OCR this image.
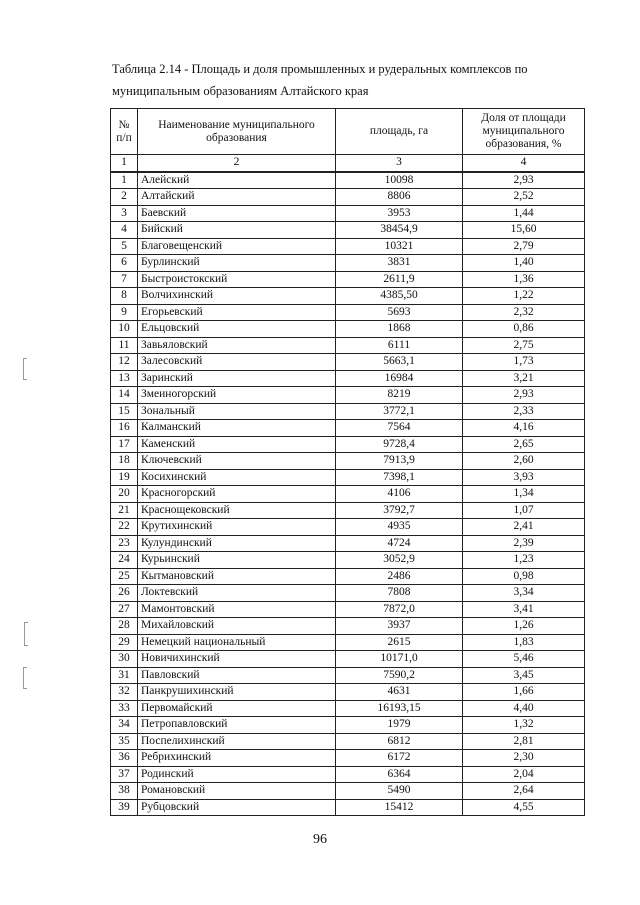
Таблица 2.14 - Площадь и доля промышленных и рудеральных комплексов по
муниципальным образованиям Алтайского края
№ п/п	Наименование муниципального образования	площадь, га	Доля от площади муниципального образования, %
1	2	3	4
1	Алейский	10098	2,93
2	Алтайский	8806	2,52
3	Баевский	3953	1,44
4	Бийский	38454,9	15,60
5	Благовещенский	10321	2,79
6	Бурлинский	3831	1,40
7	Быстроистокский	2611,9	1,36
8	Волчихинский	4385,50	1,22
9	Егорьевский	5693	2,32
10	Ельцовский	1868	0,86
11	Завьяловский	6111	2,75
12	Залесовский	5663,1	1,73
13	Заринский	16984	3,21
14	Змеиногорский	8219	2,93
15	Зональный	3772,1	2,33
16	Калманский	7564	4,16
17	Каменский	9728,4	2,65
18	Ключевский	7913,9	2,60
19	Косихинский	7398,1	3,93
20	Красногорский	4106	1,34
21	Краснощековский	3792,7	1,07
22	Крутихинский	4935	2,41
23	Кулундинский	4724	2,39
24	Курьинский	3052,9	1,23
25	Кытмановский	2486	0,98
26	Локтевский	7808	3,34
27	Мамонтовский	7872,0	3,41
28	Михайловский	3937	1,26
29	Немецкий национальный	2615	1,83
30	Новичихинский	10171,0	5,46
31	Павловский	7590,2	3,45
32	Панкрушихинский	4631	1,66
33	Первомайский	16193,15	4,40
34	Петропавловский	1979	1,32
35	Поспелихинский	6812	2,81
36	Ребрихинский	6172	2,30
37	Родинский	6364	2,04
38	Романовский	5490	2,64
39	Рубцовский	15412	4,55
96
